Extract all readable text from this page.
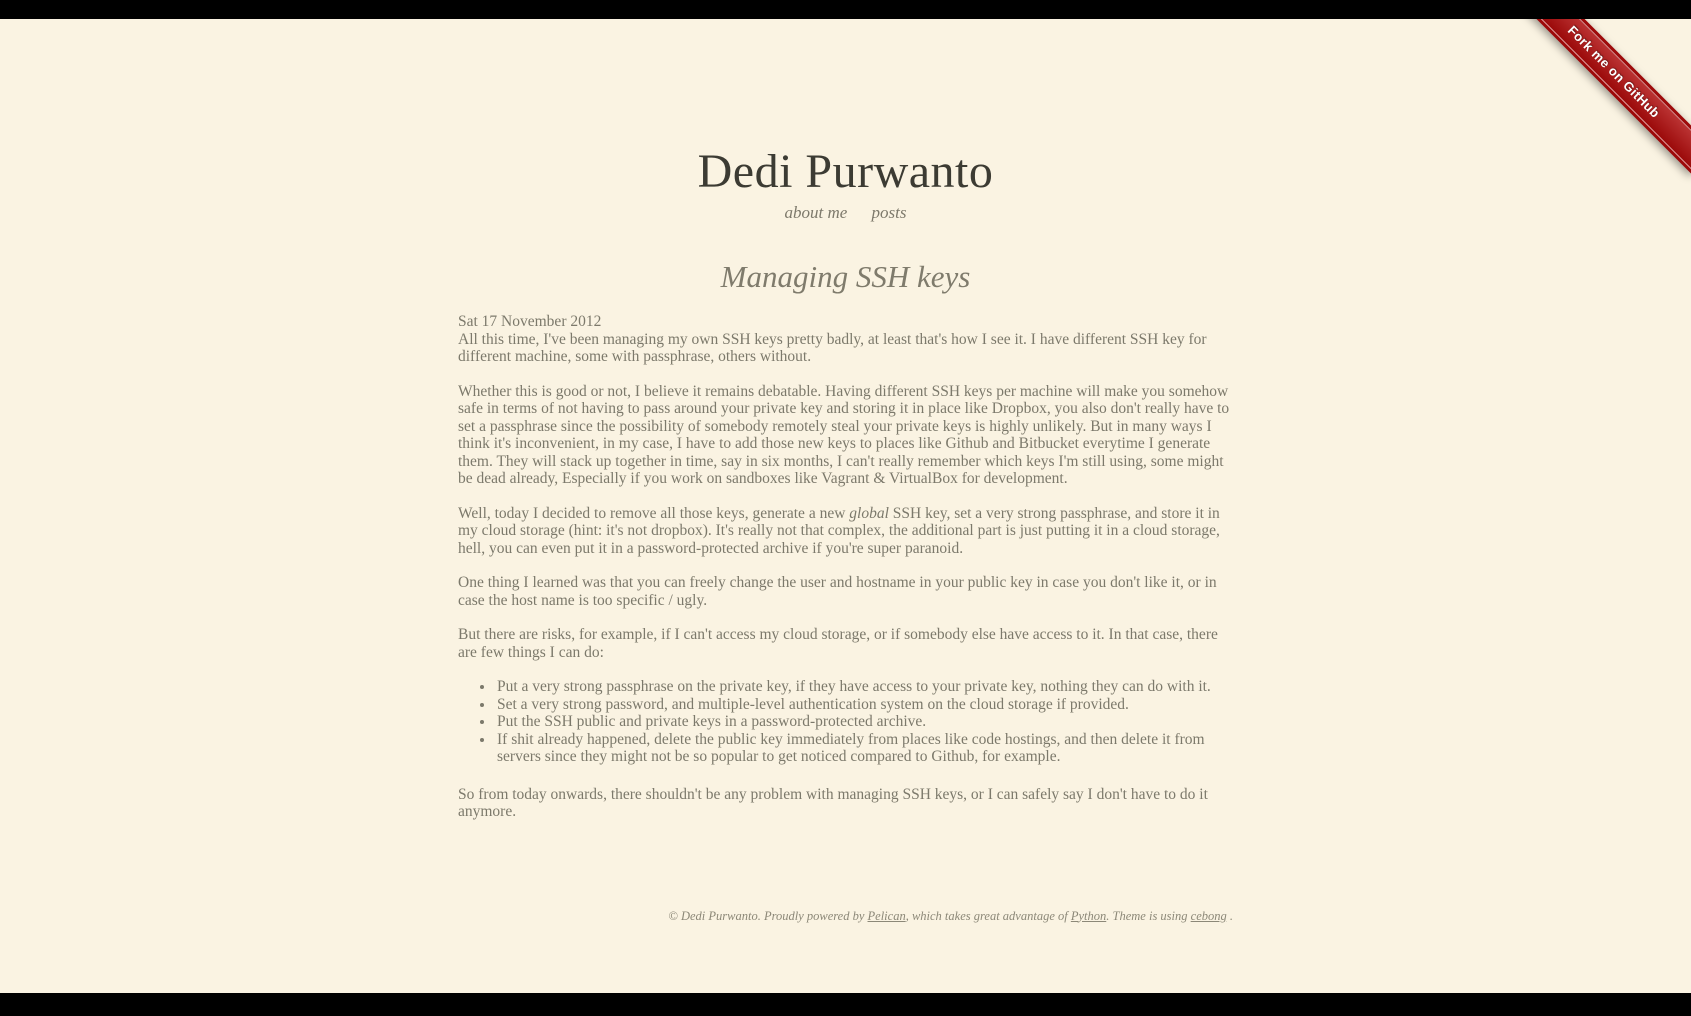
Fork me on GitHub
Dedi Purwanto
about me posts
Managing SSH keys
Sat 17 November 2012

All this time, I've been managing my own SSH keys pretty badly, at least that's how I see it. I have different SSH key for different machine, some with passphrase, others without.

Whether this is good or not, I believe it remains debatable. Having different SSH keys per machine will make you somehow safe in terms of not having to pass around your private key and storing it in place like Dropbox, you also don't really have to set a passphrase since the possibility of somebody remotely steal your private keys is highly unlikely. But in many ways I think it's inconvenient, in my case, I have to add those new keys to places like Github and Bitbucket everytime I generate them. They will stack up together in time, say in six months, I can't really remember which keys I'm still using, some might be dead already, Especially if you work on sandboxes like Vagrant & VirtualBox for development.

Well, today I decided to remove all those keys, generate a new global SSH key, set a very strong passphrase, and store it in my cloud storage (hint: it's not dropbox). It's really not that complex, the additional part is just putting it in a cloud storage, hell, you can even put it in a password-protected archive if you're super paranoid.

One thing I learned was that you can freely change the user and hostname in your public key in case you don't like it, or in case the host name is too specific / ugly.

But there are risks, for example, if I can't access my cloud storage, or if somebody else have access to it. In that case, there are few things I can do:

• Put a very strong passphrase on the private key, if they have access to your private key, nothing they can do with it.
• Set a very strong password, and multiple-level authentication system on the cloud storage if provided.
• Put the SSH public and private keys in a password-protected archive.
• If shit already happened, delete the public key immediately from places like code hostings, and then delete it from servers since they might not be so popular to get noticed compared to Github, for example.

So from today onwards, there shouldn't be any problem with managing SSH keys, or I can safely say I don't have to do it anymore.

© Dedi Purwanto. Proudly powered by Pelican, which takes great advantage of Python. Theme is using cebong .
